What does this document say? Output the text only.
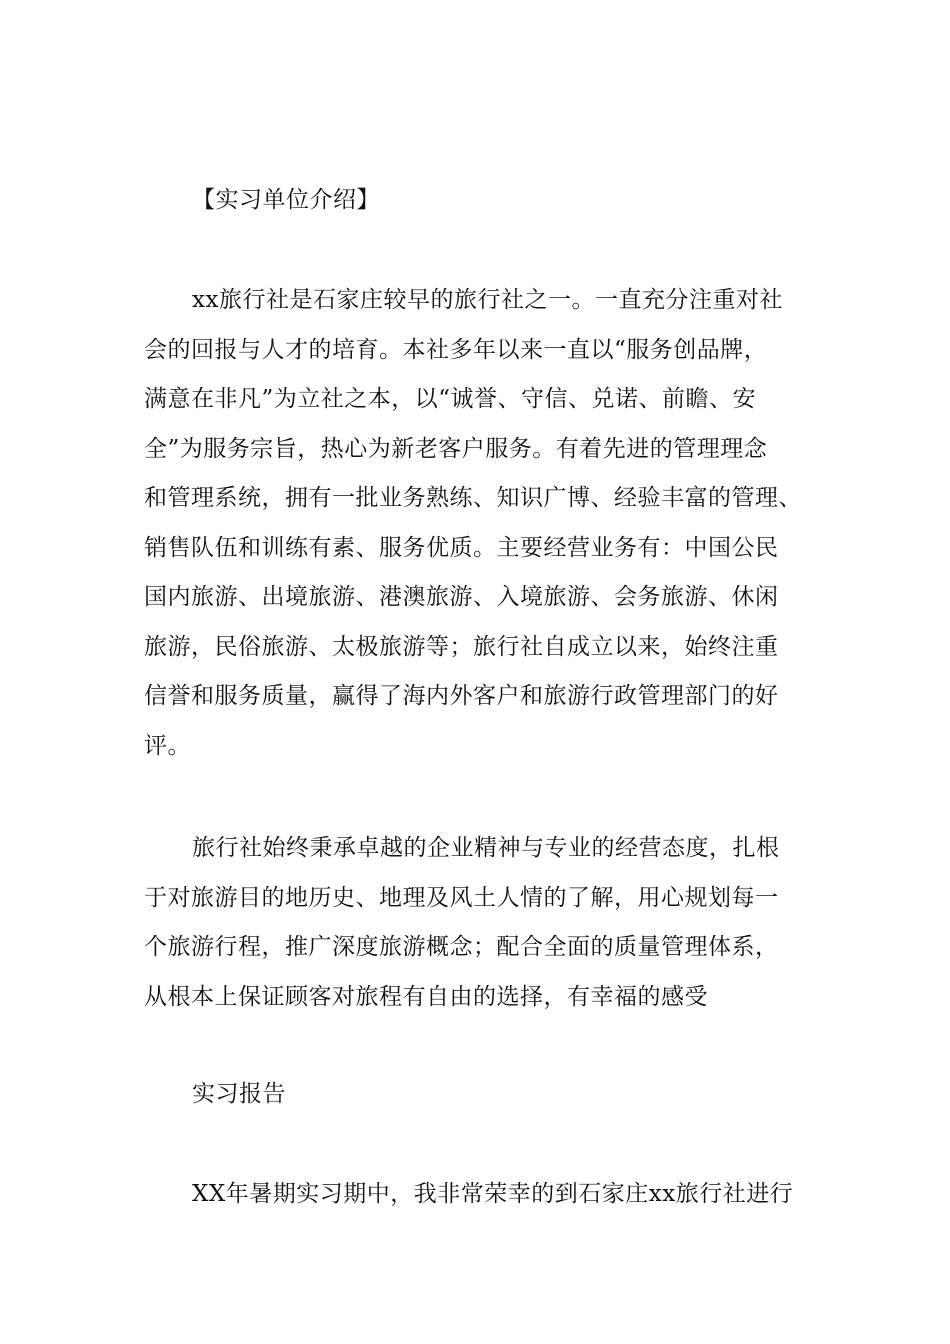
【实习单位介绍】
xx旅行社是石家庄较早的旅行社之一。一直充分注重对社
会的回报与人才的培育。本社多年以来一直以“服务创品牌，
满意在非凡”为立社之本，以“诚誉、守信、兑诺、前瞻、安
全”为服务宗旨，热心为新老客户服务。有着先进的管理理念
和管理系统，拥有一批业务熟练、知识广博、经验丰富的管理、
销售队伍和训练有素、服务优质。主要经营业务有：中国公民
国内旅游、出境旅游、港澳旅游、入境旅游、会务旅游、休闲
旅游，民俗旅游、太极旅游等；旅行社自成立以来，始终注重
信誉和服务质量，赢得了海内外客户和旅游行政管理部门的好
评。
旅行社始终秉承卓越的企业精神与专业的经营态度，扎根
于对旅游目的地历史、地理及风土人情的了解，用心规划每一
个旅游行程，推广深度旅游概念；配合全面的质量管理体系，
从根本上保证顾客对旅程有自由的选择，有幸福的感受
实习报告
XX年暑期实习期中，我非常荣幸的到石家庄xx旅行社进行
